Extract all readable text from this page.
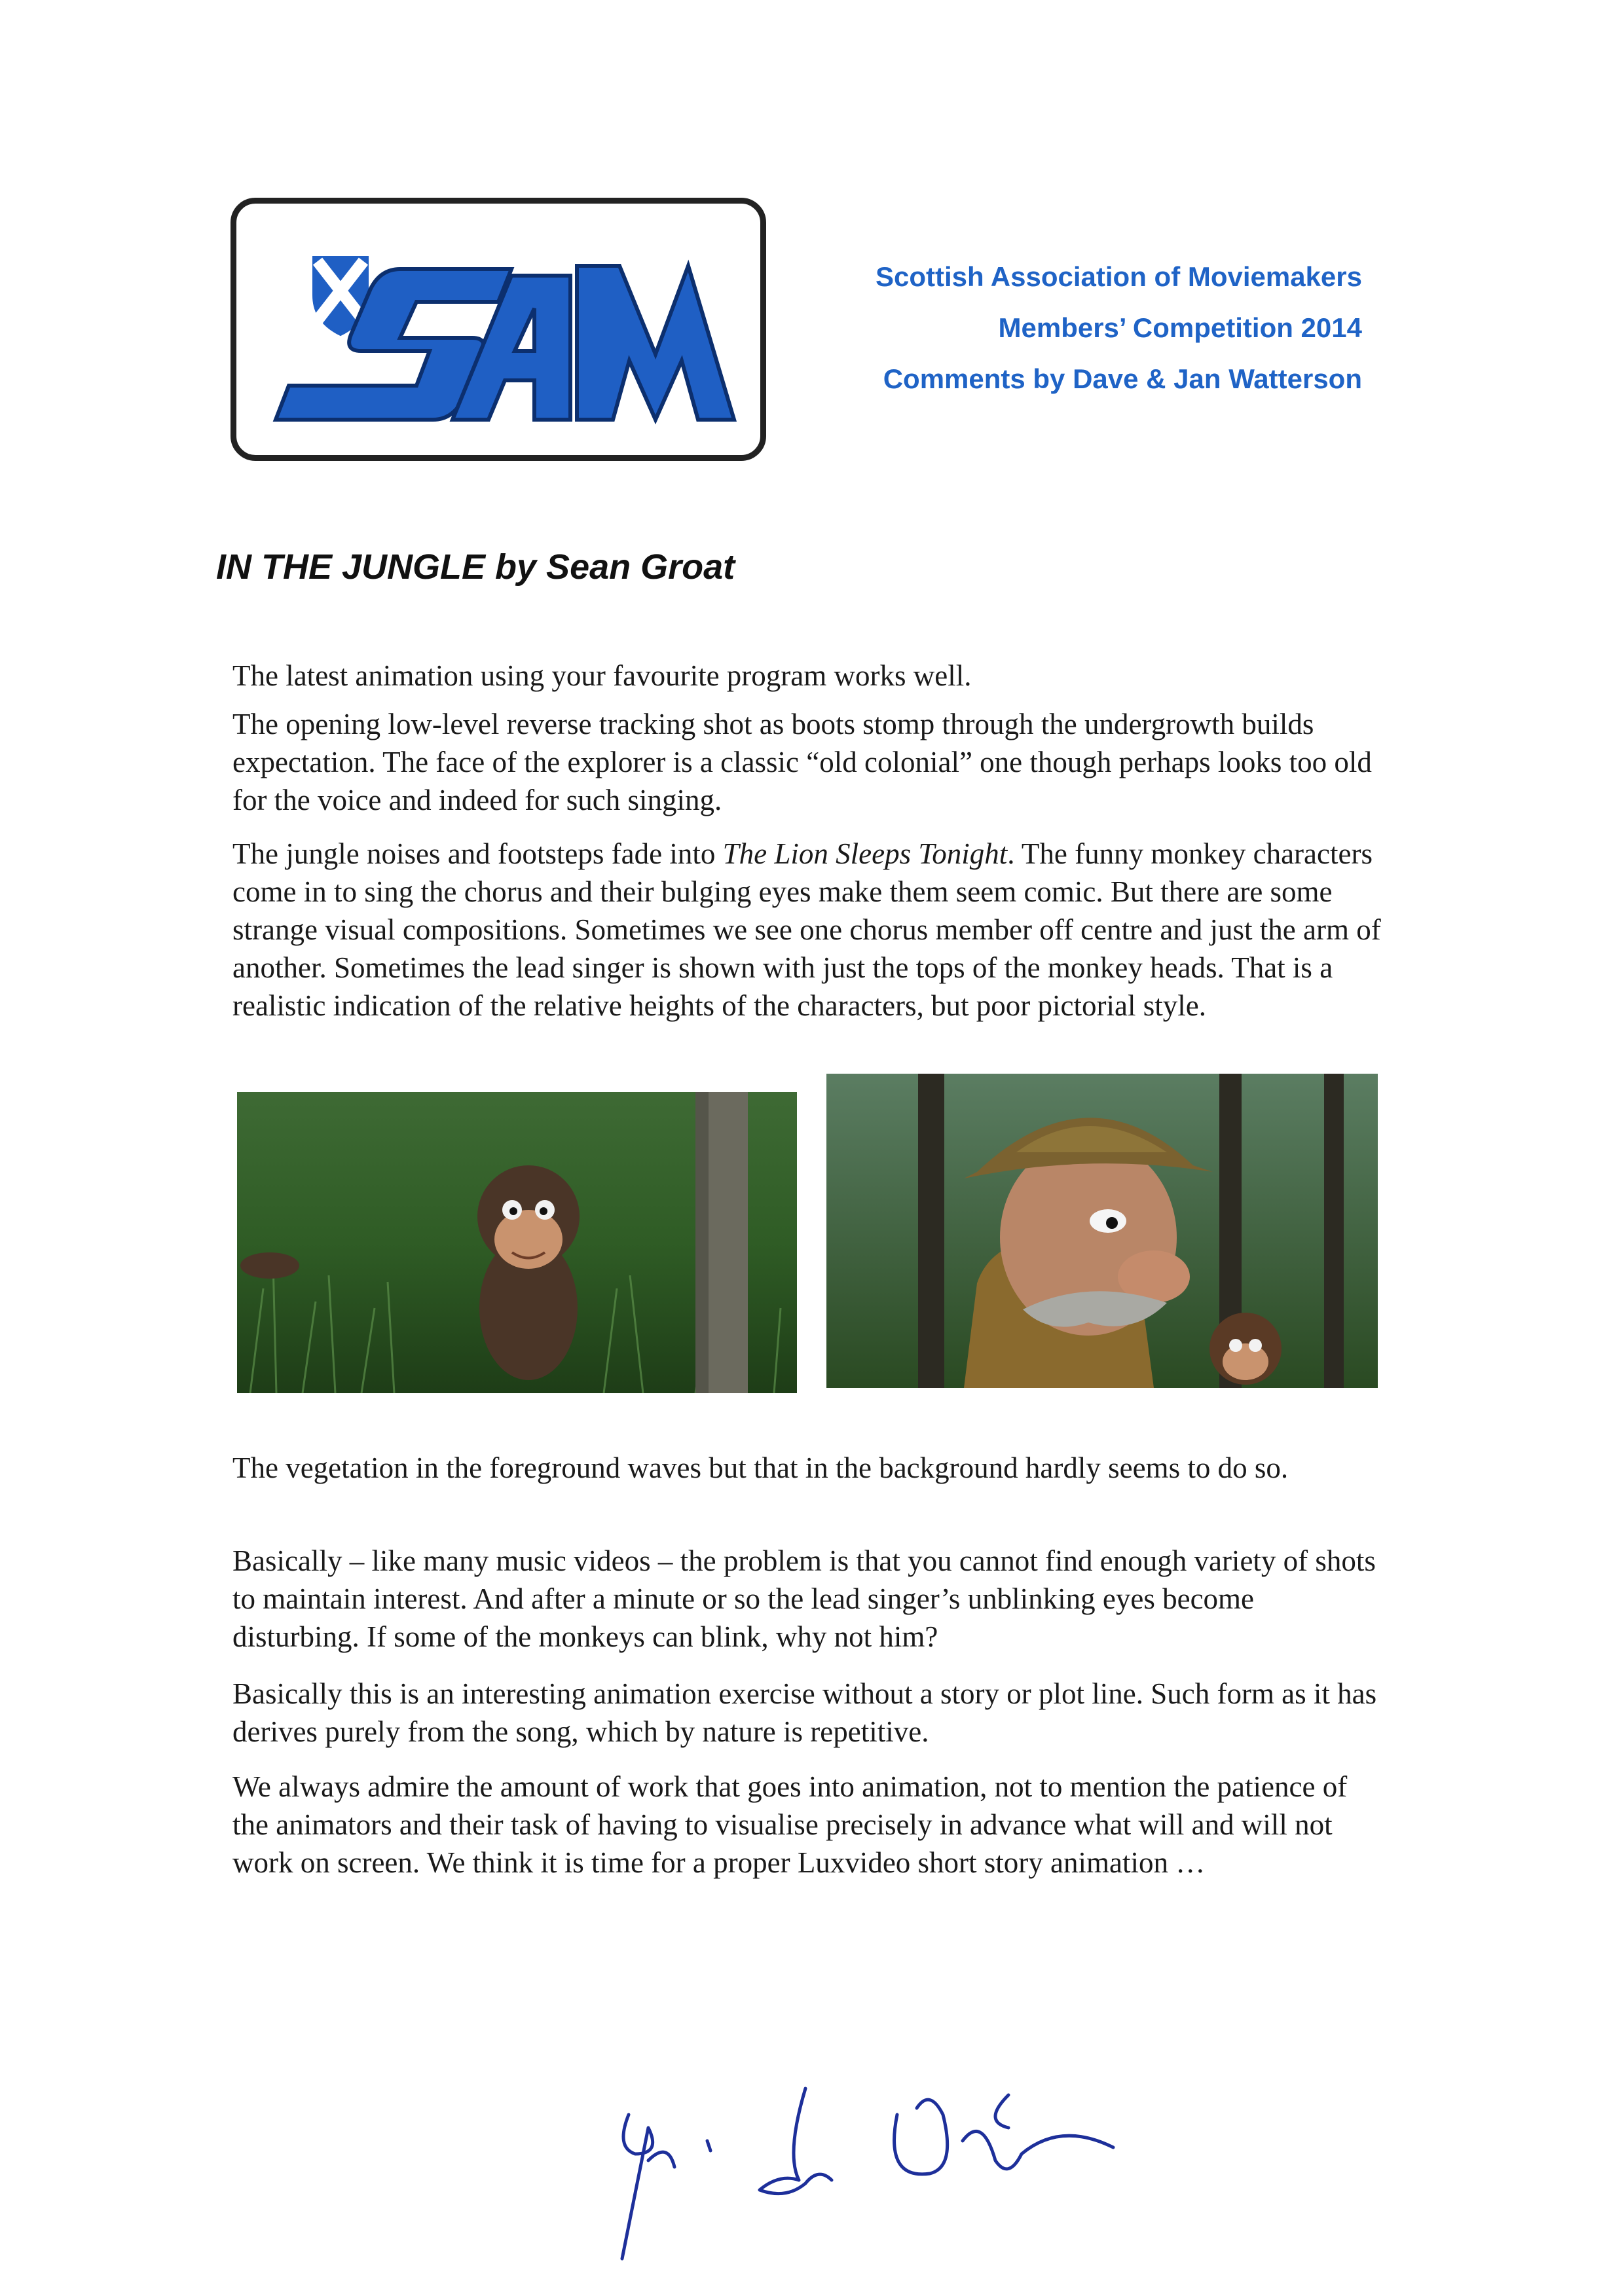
Scottish Association of Moviemakers
Members’ Competition 2014
Comments by Dave & Jan Watterson
IN THE JUNGLE by Sean Groat

The latest animation using your favourite program works well.

The opening low-level reverse tracking shot as boots stomp through the undergrowth builds expectation. The face of the explorer is a classic “old colonial” one though perhaps looks too old for the voice and indeed for such singing.

The jungle noises and footsteps fade into The Lion Sleeps Tonight. The funny monkey characters come in to sing the chorus and their bulging eyes make them seem comic. But there are some strange visual compositions. Sometimes we see one chorus member off centre and just the arm of another. Sometimes the lead singer is shown with just the tops of the monkey heads. That is a realistic indication of the relative heights of the characters, but poor pictorial style.

The vegetation in the foreground waves but that in the background hardly seems to do so.

Basically – like many music videos – the problem is that you cannot find enough variety of shots to maintain interest. And after a minute or so the lead singer’s unblinking eyes become disturbing. If some of the monkeys can blink, why not him?

Basically this is an interesting animation exercise without a story or plot line. Such form as it has derives purely from the song, which by nature is repetitive.

We always admire the amount of work that goes into animation, not to mention the patience of the animators and their task of having to visualise precisely in advance what will and will not work on screen. We think it is time for a proper Luxvideo short story animation …
